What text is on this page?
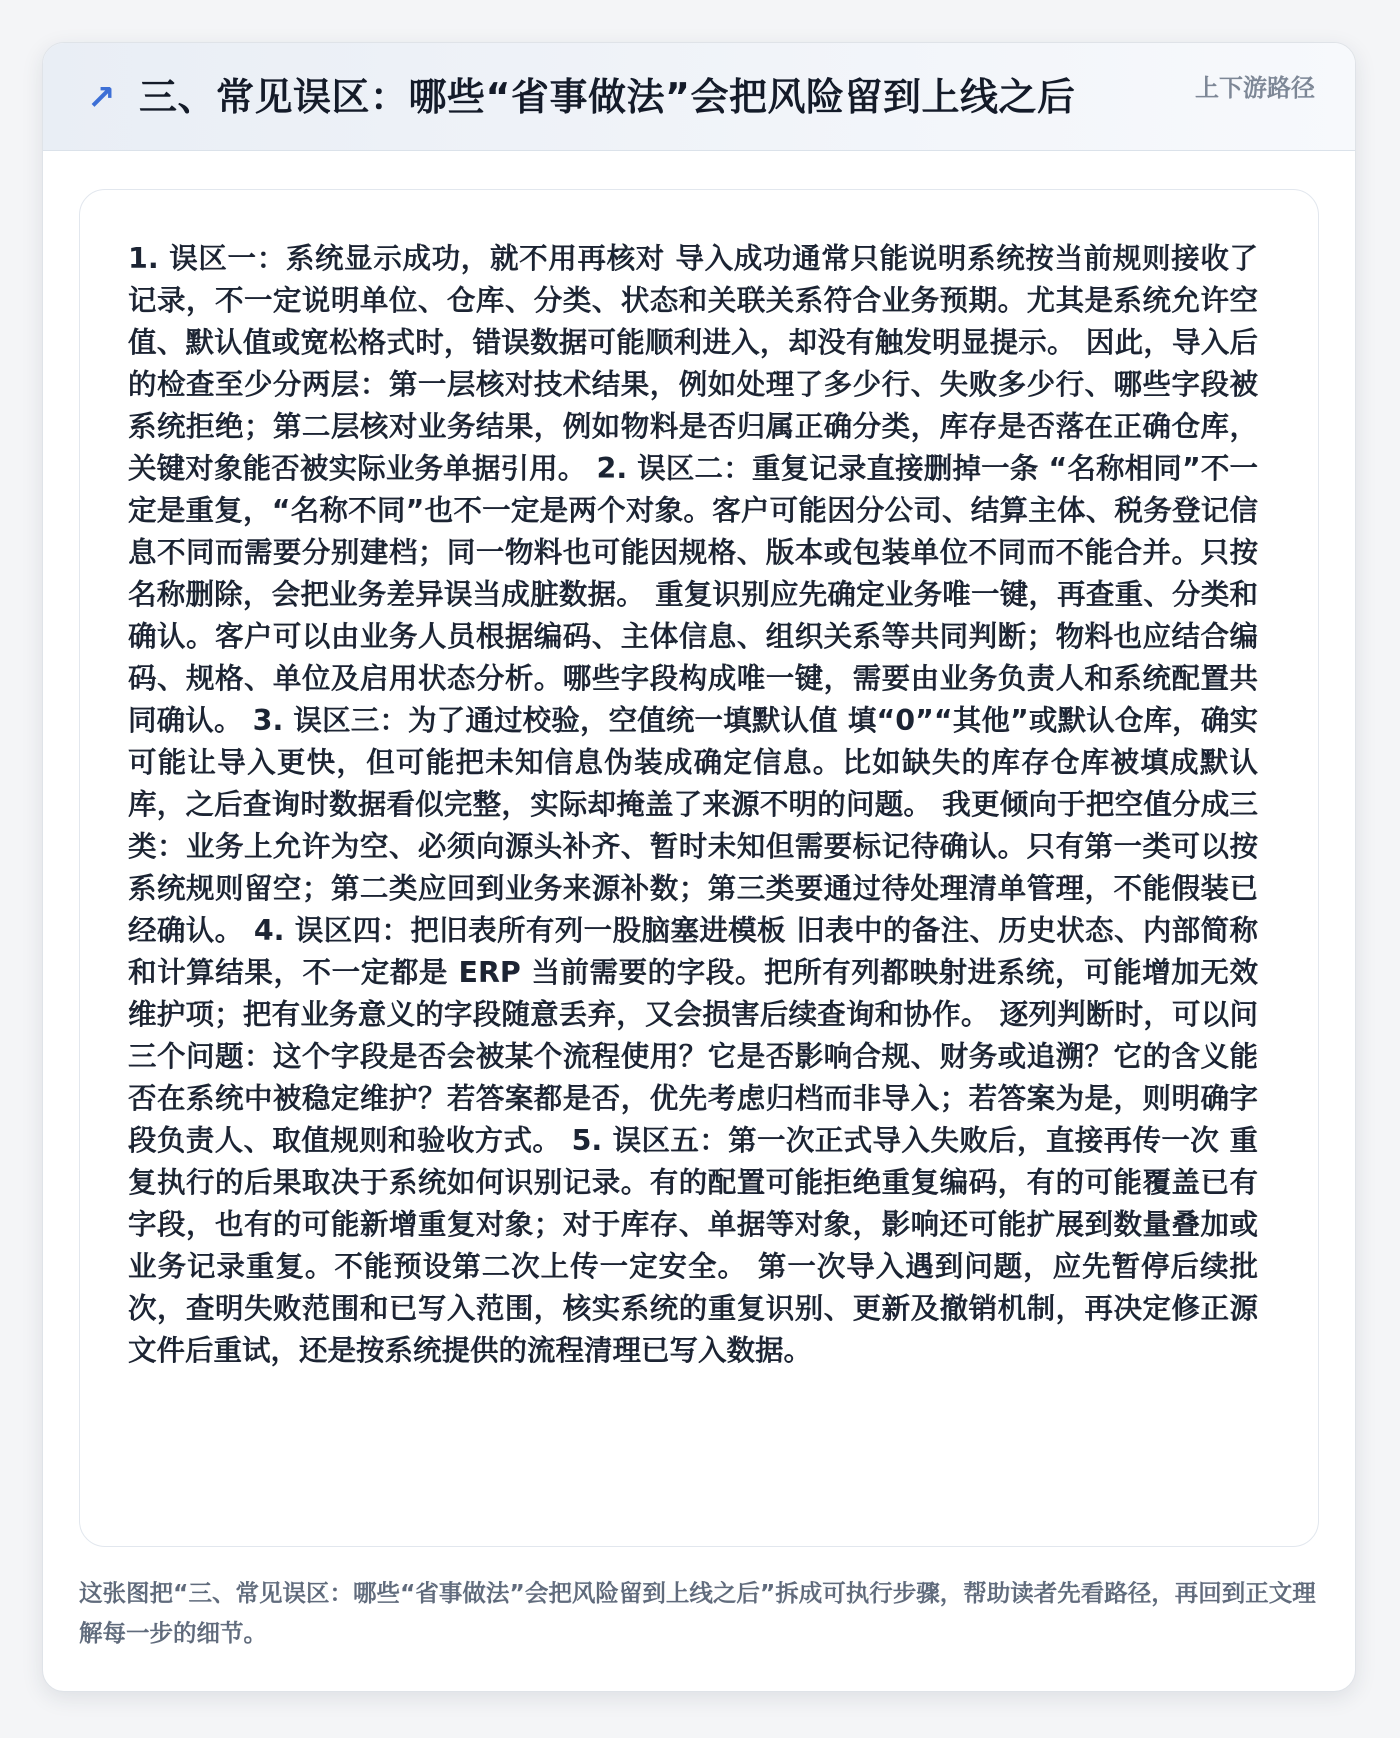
↗ 三、常见误区：哪些“省事做法”会把风险留到上线之后	上下游路径

1. 误区一：系统显示成功，就不用再核对 导入成功通常只能说明系统按当前规则接收了记录，不一定说明单位、仓库、分类、状态和关联关系符合业务预期。尤其是系统允许空值、默认值或宽松格式时，错误数据可能顺利进入，却没有触发明显提示。 因此，导入后的检查至少分两层：第一层核对技术结果，例如处理了多少行、失败多少行、哪些字段被系统拒绝；第二层核对业务结果，例如物料是否归属正确分类，库存是否落在正确仓库，关键对象能否被实际业务单据引用。 2. 误区二：重复记录直接删掉一条 “名称相同”不一定是重复，“名称不同”也不一定是两个对象。客户可能因分公司、结算主体、税务登记信息不同而需要分别建档；同一物料也可能因规格、版本或包装单位不同而不能合并。只按名称删除，会把业务差异误当成脏数据。 重复识别应先确定业务唯一键，再查重、分类和确认。客户可以由业务人员根据编码、主体信息、组织关系等共同判断；物料也应结合编码、规格、单位及启用状态分析。哪些字段构成唯一键，需要由业务负责人和系统配置共同确认。 3. 误区三：为了通过校验，空值统一填默认值 填“0”“其他”或默认仓库，确实可能让导入更快，但可能把未知信息伪装成确定信息。比如缺失的库存仓库被填成默认库，之后查询时数据看似完整，实际却掩盖了来源不明的问题。 我更倾向于把空值分成三类：业务上允许为空、必须向源头补齐、暂时未知但需要标记待确认。只有第一类可以按系统规则留空；第二类应回到业务来源补数；第三类要通过待处理清单管理，不能假装已经确认。 4. 误区四：把旧表所有列一股脑塞进模板 旧表中的备注、历史状态、内部简称和计算结果，不一定都是 ERP 当前需要的字段。把所有列都映射进系统，可能增加无效维护项；把有业务意义的字段随意丢弃，又会损害后续查询和协作。 逐列判断时，可以问三个问题：这个字段是否会被某个流程使用？它是否影响合规、财务或追溯？它的含义能否在系统中被稳定维护？若答案都是否，优先考虑归档而非导入；若答案为是，则明确字段负责人、取值规则和验收方式。 5. 误区五：第一次正式导入失败后，直接再传一次 重复执行的后果取决于系统如何识别记录。有的配置可能拒绝重复编码，有的可能覆盖已有字段，也有的可能新增重复对象；对于库存、单据等对象，影响还可能扩展到数量叠加或业务记录重复。不能预设第二次上传一定安全。 第一次导入遇到问题，应先暂停后续批次，查明失败范围和已写入范围，核实系统的重复识别、更新及撤销机制，再决定修正源文件后重试，还是按系统提供的流程清理已写入数据。

这张图把“三、常见误区：哪些“省事做法”会把风险留到上线之后”拆成可执行步骤，帮助读者先看路径，再回到正文理解每一步的细节。
